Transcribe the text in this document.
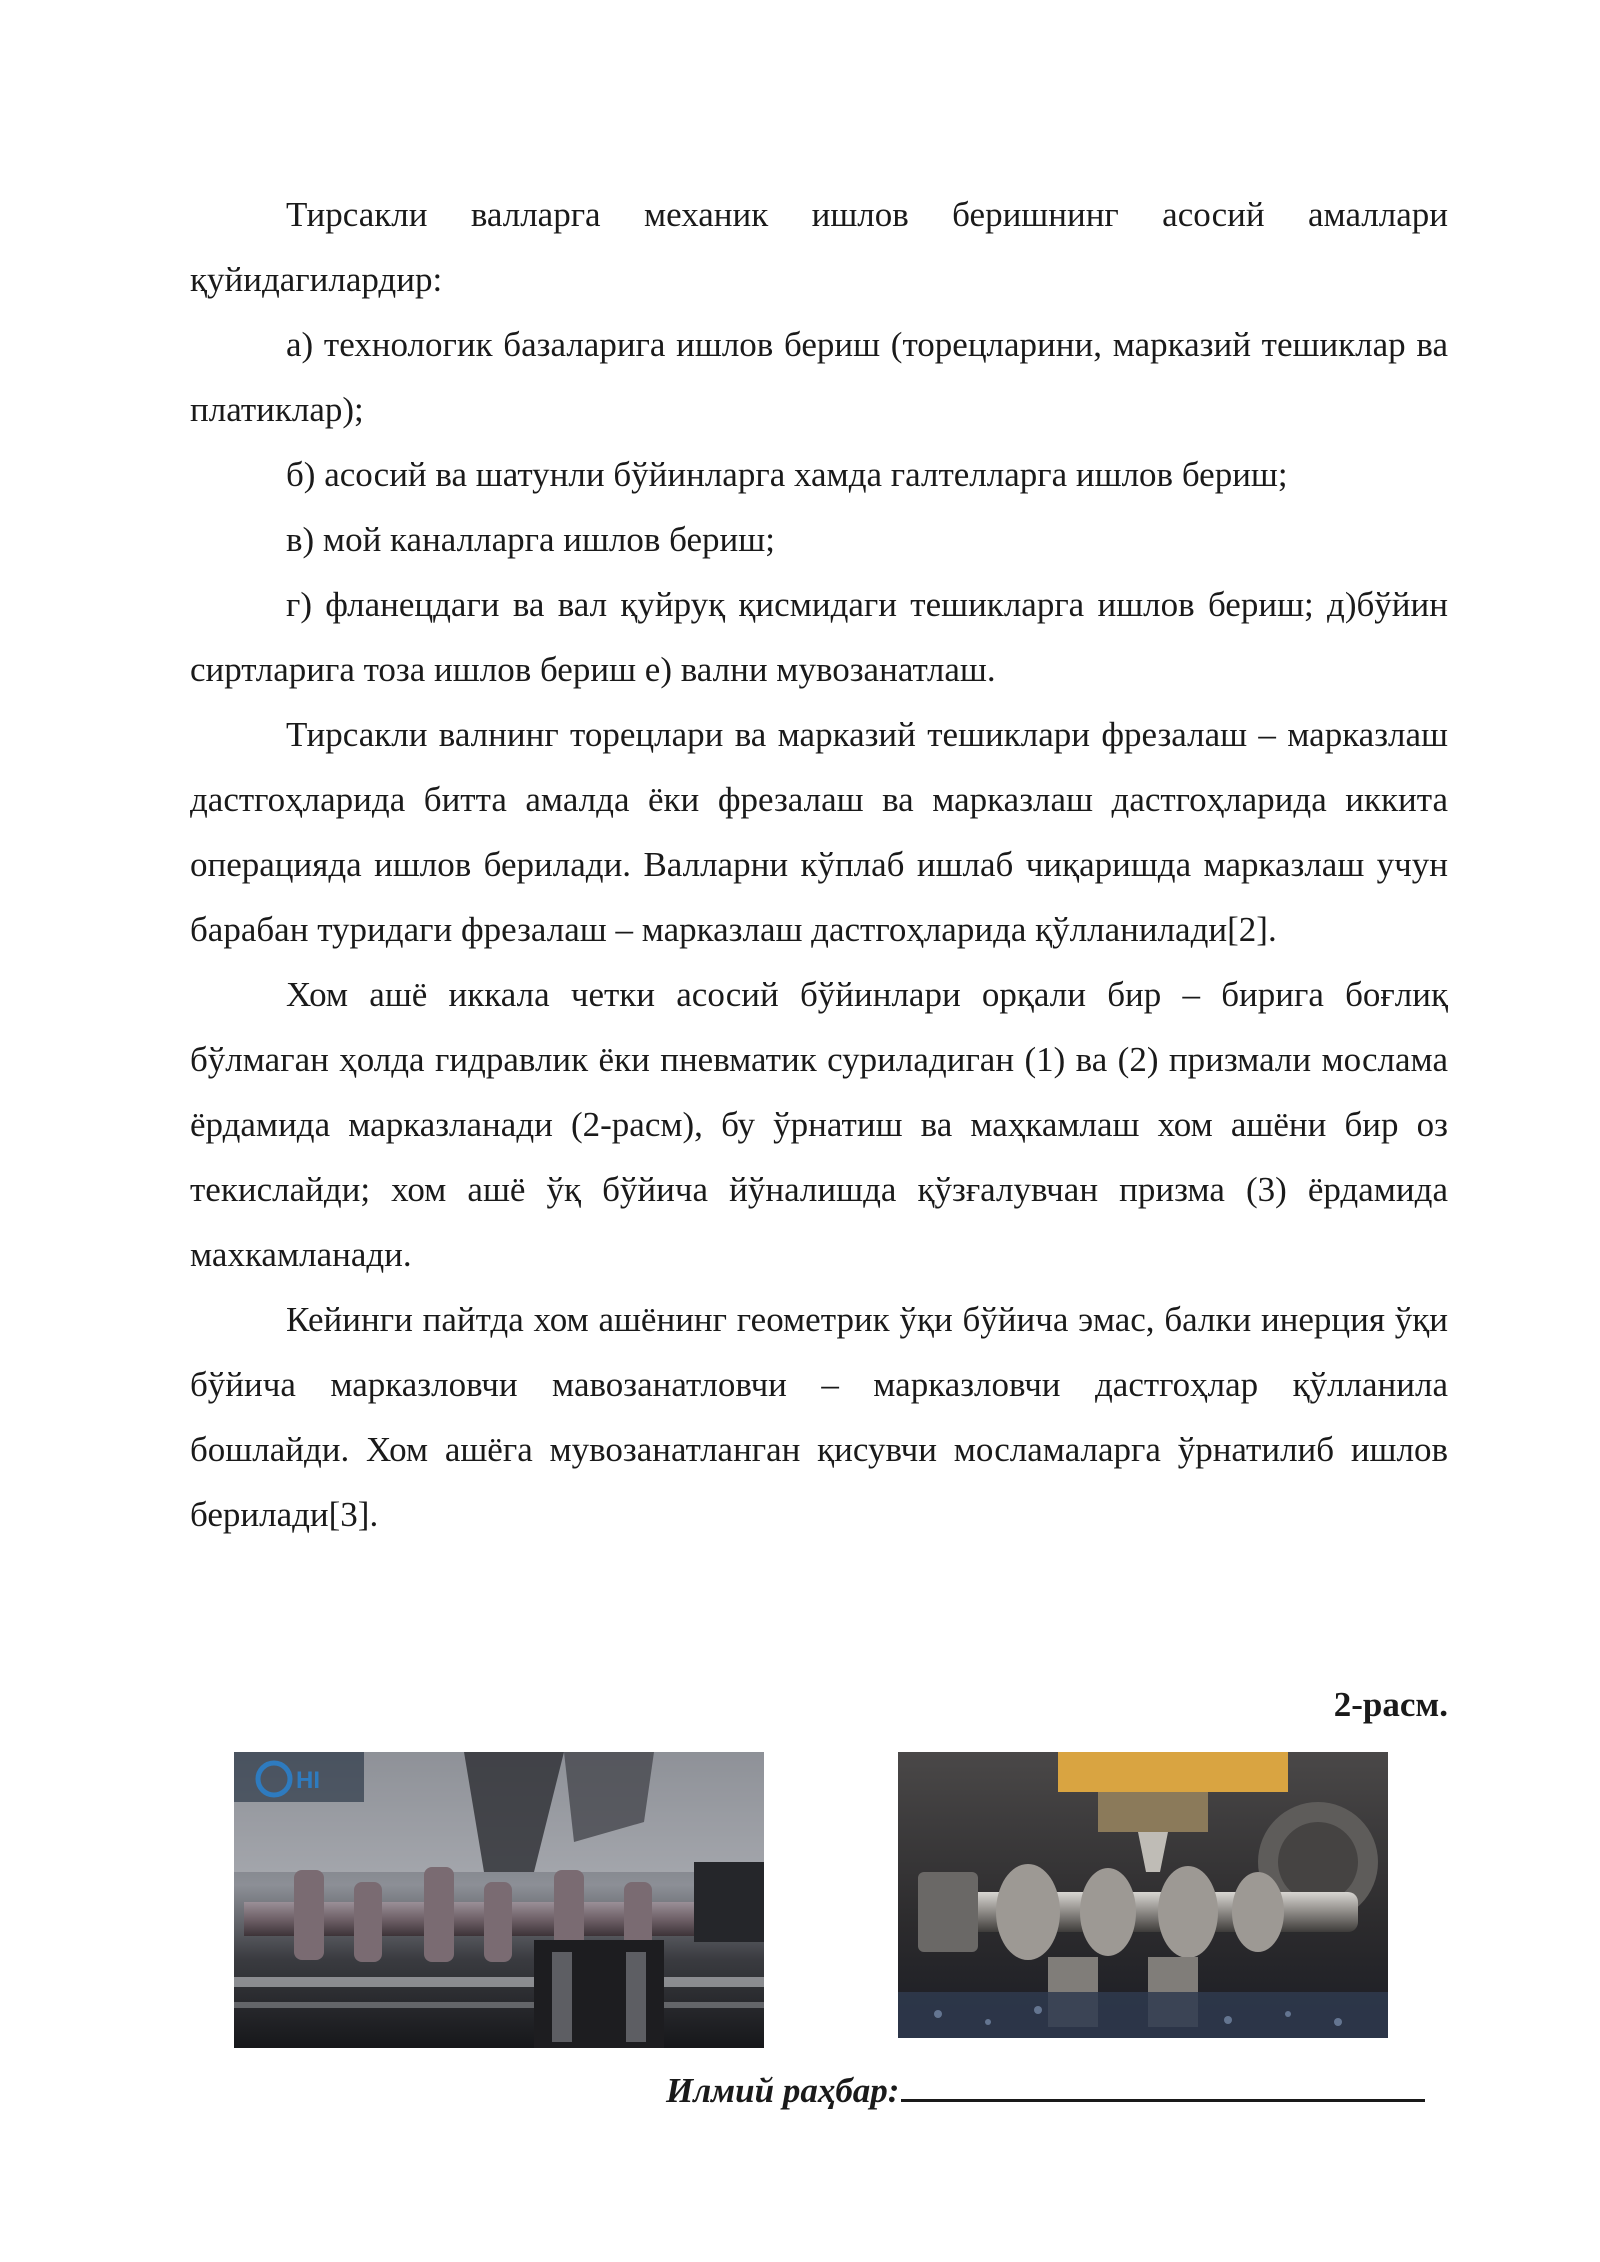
Тирсакли валларга механик ишлов беришнинг асосий амаллари қуйидагилардир:

а) технологик базаларига ишлов бериш (торецларини, марказий тешиклар ва платиклар);

б) асосий ва шатунли бўйинларга хамда галтелларга ишлов бериш;

в) мой каналларга ишлов бериш;

г) фланецдаги ва вал қуйруқ қисмидаги тешикларга ишлов бериш; д)бўйин сиртларига тоза ишлов бериш е) вални мувозанатлаш.

Тирсакли валнинг торецлари ва марказий тешиклари фрезалаш – марказлаш дастгоҳларида битта амалда ёки фрезалаш ва марказлаш дастгоҳларида иккита операцияда ишлов берилади. Валларни кўплаб ишлаб чиқаришда марказлаш учун барабан туридаги фрезалаш – марказлаш дастгоҳларида қўлланилади[2].

Хом ашё иккала четки асосий бўйинлари орқали бир – бирига боғлиқ бўлмаган ҳолда гидравлик ёки пневматик суриладиган (1) ва (2) призмали мослама ёрдамида марказланади (2-расм), бу ўрнатиш ва маҳкамлаш хом ашёни бир оз текислайди; хом ашё ўқ бўйича йўналишда қўзғалувчан призма (3) ёрдамида махкамланади.

Кейинги пайтда хом ашёнинг геометрик ўқи бўйича эмас, балки инерция ўқи бўйича марказловчи мавозанатловчи – марказловчи дастгоҳлар қўлланила бошлайди. Хом ашёга мувозанатланган қисувчи мосламаларга ўрнатилиб ишлов берилади[3].

2-расм.
HI
Илмий раҳбар:
